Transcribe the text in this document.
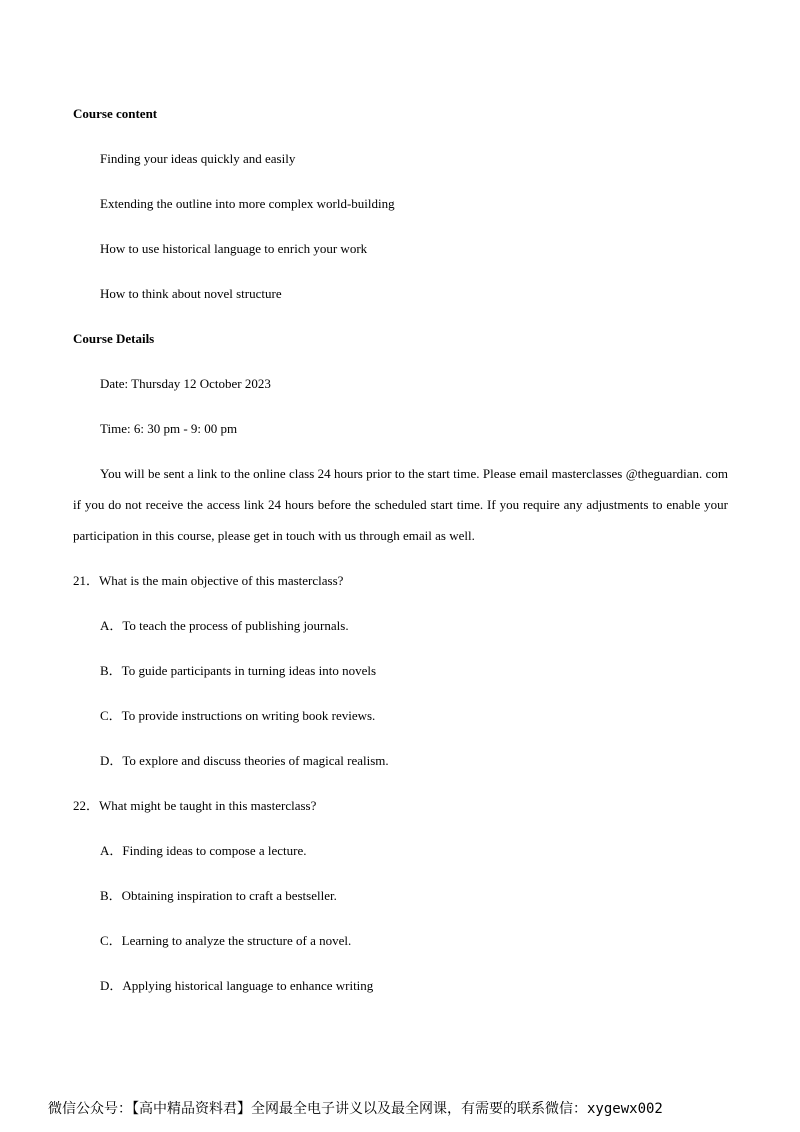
Course content
Finding your ideas quickly and easily
Extending the outline into more complex world-building
How to use historical language to enrich your work
How to think about novel structure
Course Details
Date: Thursday 12 October 2023
Time: 6: 30 pm - 9: 00 pm
You will be sent a link to the online class 24 hours prior to the start time. Please email masterclasses @theguardian. com if you do not receive the access link 24 hours before the scheduled start time. If you require any adjustments to enable your participation in this course, please get in touch with us through email as well.
21．What is the main objective of this masterclass?
A．To teach the process of publishing journals.
B．To guide participants in turning ideas into novels
C．To provide instructions on writing book reviews.
D．To explore and discuss theories of magical realism.
22．What might be taught in this masterclass?
A．Finding ideas to compose a lecture.
B．Obtaining inspiration to craft a bestseller.
C．Learning to analyze the structure of a novel.
D．Applying historical language to enhance writing
微信公众号：【高中精品资料君】全网最全电子讲义以及最全网课，有需要的联系微信：xygewx002
